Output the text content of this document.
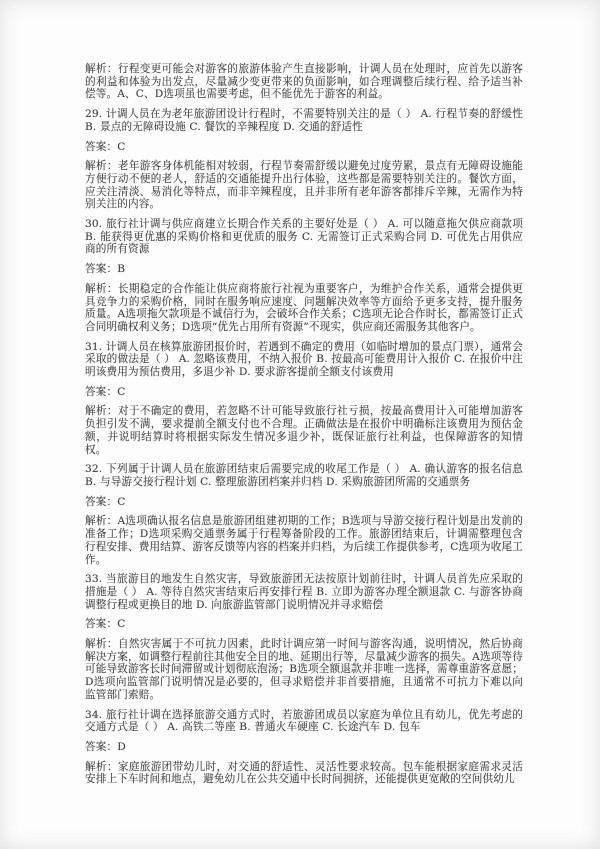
解析：行程变更可能会对游客的旅游体验产生直接影响，计调人员在处理时，应首先以游客的利益和体验为出发点，尽量减少变更带来的负面影响，如合理调整后续行程、给予适当补偿等。A、C、D选项虽也需要考虑，但不能优先于游客的利益。
29. 计调人员在为老年旅游团设计行程时，不需要特别关注的是（ ） A. 行程节奏的舒缓性 B. 景点的无障碍设施 C. 餐饮的辛辣程度 D. 交通的舒适性
答案：C
解析：老年游客身体机能相对较弱，行程节奏需舒缓以避免过度劳累，景点有无障碍设施能方便行动不便的老人，舒适的交通能提升出行体验，这些都是需要特别关注的。餐饮方面，应关注清淡、易消化等特点，而非辛辣程度，且并非所有老年游客都排斥辛辣，无需作为特别关注的内容。
30. 旅行社计调与供应商建立长期合作关系的主要好处是（ ） A. 可以随意拖欠供应商款项 B. 能获得更优惠的采购价格和更优质的服务 C. 无需签订正式采购合同 D. 可优先占用供应商的所有资源
答案：B
解析：长期稳定的合作能让供应商将旅行社视为重要客户，为维护合作关系，通常会提供更具竞争力的采购价格，同时在服务响应速度、问题解决效率等方面给予更多支持，提升服务质量。A选项拖欠款项是不诚信行为，会破坏合作关系；C选项无论合作时长，都需签订正式合同明确权利义务；D选项“优先占用所有资源”不现实，供应商还需服务其他客户。
31. 计调人员在核算旅游团报价时，若遇到不确定的费用（如临时增加的景点门票），通常会采取的做法是（ ） A. 忽略该费用，不纳入报价 B. 按最高可能费用计入报价 C. 在报价中注明该费用为预估费用，多退少补 D. 要求游客提前全额支付该费用
答案：C
解析：对于不确定的费用，若忽略不计可能导致旅行社亏损，按最高费用计入可能增加游客负担引发不满，要求提前全额支付也不合理。正确做法是在报价中明确标注该费用为预估金额，并说明结算时将根据实际发生情况多退少补，既保证旅行社利益，也保障游客的知情权。
32. 下列属于计调人员在旅游团结束后需要完成的收尾工作是（ ） A. 确认游客的报名信息 B. 与导游交接行程计划 C. 整理旅游团档案并归档 D. 采购旅游团所需的交通票务
答案：C
解析：A选项确认报名信息是旅游团组建初期的工作；B选项与导游交接行程计划是出发前的准备工作；D选项采购交通票务属于行程筹备阶段的工作。旅游团结束后，计调需整理包含行程安排、费用结算、游客反馈等内容的档案并归档，为后续工作提供参考，C选项为收尾工作。
33. 当旅游目的地发生自然灾害，导致旅游团无法按原计划前往时，计调人员首先应采取的措施是（ ） A. 等待自然灾害结束后再安排行程 B. 立即为游客办理全额退款 C. 与游客协商调整行程或更换目的地 D. 向旅游监管部门说明情况并寻求赔偿
答案：C
解析：自然灾害属于不可抗力因素，此时计调应第一时间与游客沟通，说明情况，然后协商解决方案，如调整行程前往其他安全目的地、延期出行等，尽量减少游客的损失。A选项等待可能导致游客长时间滞留或计划彻底泡汤；B选项全额退款并非唯一选择，需尊重游客意愿；D选项向监管部门说明情况是必要的，但寻求赔偿并非首要措施，且通常不可抗力下难以向监管部门索赔。
34. 旅行社计调在选择旅游交通方式时，若旅游团成员以家庭为单位且有幼儿，优先考虑的交通方式是（ ） A. 高铁二等座 B. 普通火车硬座 C. 长途汽车 D. 包车
答案：D
解析：家庭旅游团带幼儿时，对交通的舒适性、灵活性要求较高。包车能根据家庭需求灵活安排上下车时间和地点，避免幼儿在公共交通中长时间拥挤，还能提供更宽敞的空间供幼儿
